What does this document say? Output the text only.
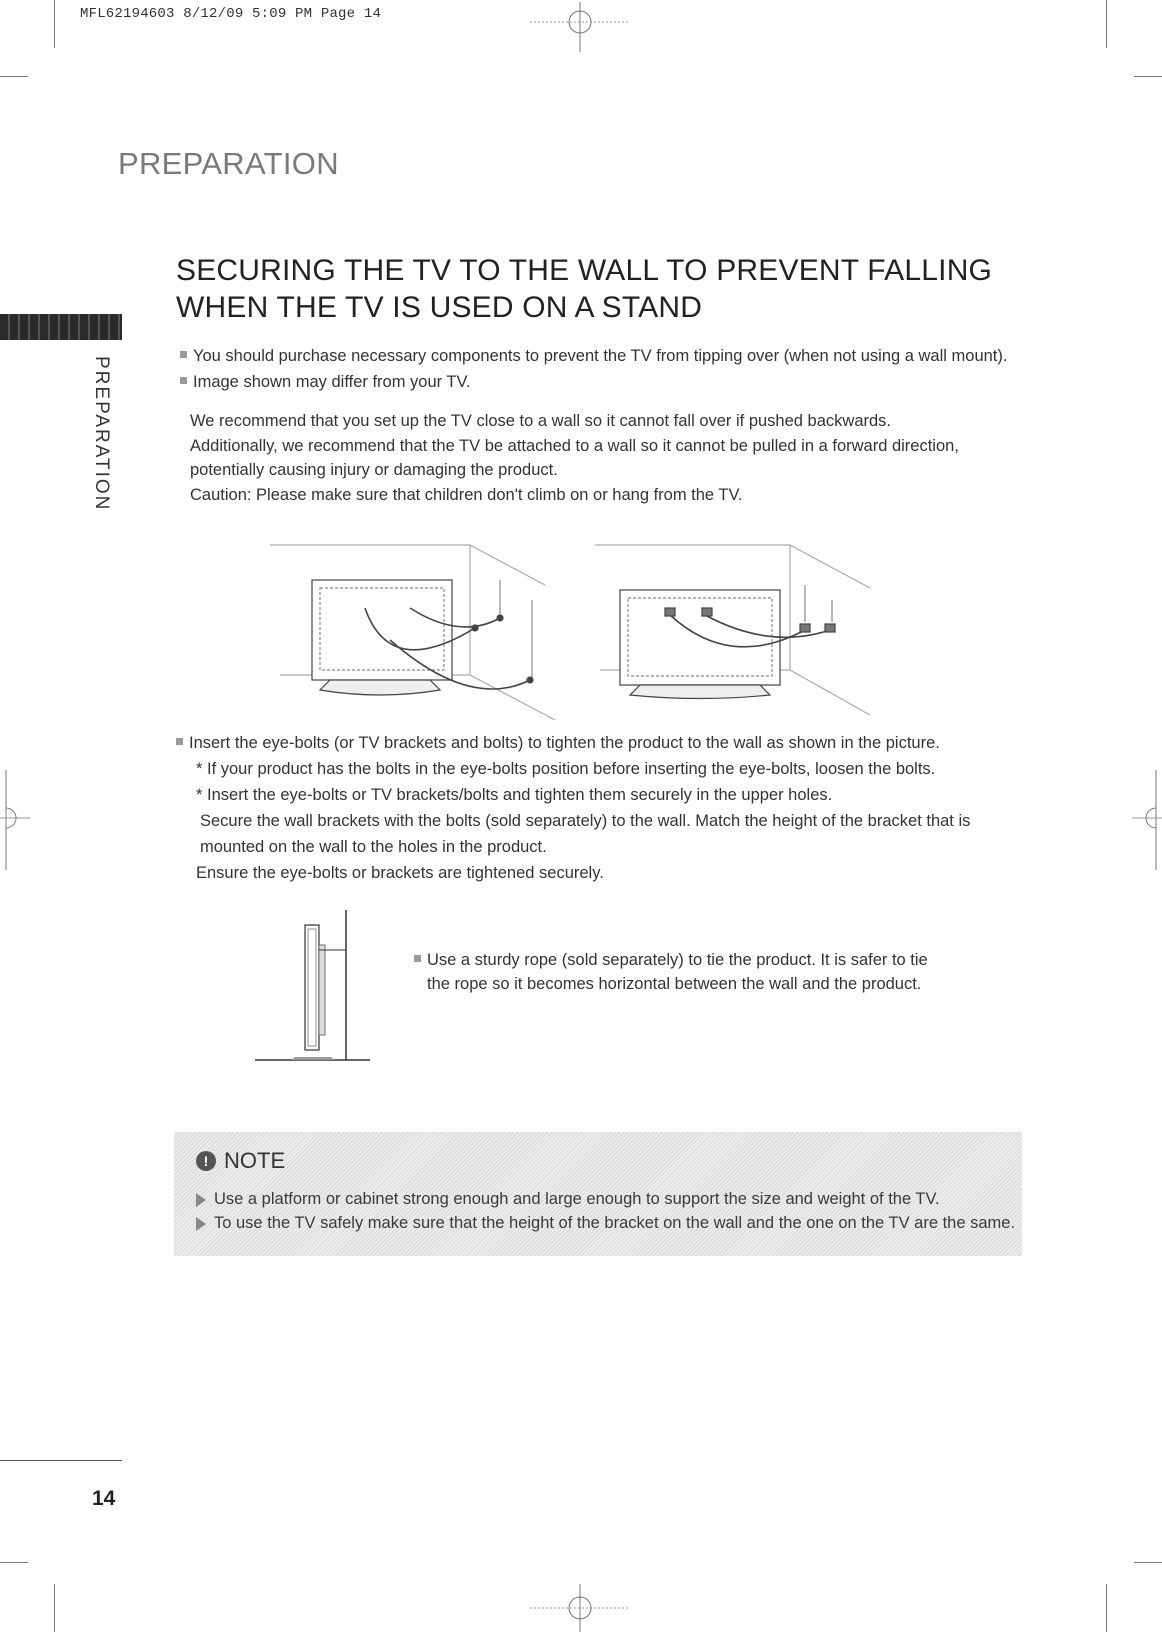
MFL62194603 8/12/09 5:09 PM Page 14
PREPARATION
PREPARATION
SECURING THE TV TO THE WALL TO PREVENT FALLING
WHEN THE TV IS USED ON A STAND
You should purchase necessary components to prevent the TV from tipping over (when not using a wall mount).
Image shown may differ from your TV.
We recommend that you set up the TV close to a wall so it cannot fall over if pushed backwards.
Additionally, we recommend that the TV be attached to a wall so it cannot be pulled in a forward direction,
potentially causing injury or damaging the product.
Caution: Please make sure that children don't climb on or hang from the TV.
Insert the eye-bolts (or TV brackets and bolts) to tighten the product to the wall as shown in the picture.
* If your product has the bolts in the eye-bolts position before inserting the eye-bolts, loosen the bolts.
* Insert the eye-bolts or TV brackets/bolts and tighten them securely in the upper holes.
Secure the wall brackets with the bolts (sold separately) to the wall. Match the height of the bracket that is
mounted on the wall to the holes in the product.
Ensure the eye-bolts or brackets are tightened securely.
Use a sturdy rope (sold separately) to tie the product. It is safer to tie
the rope so it becomes horizontal between the wall and the product.
! NOTE
Use a platform or cabinet strong enough and large enough to support the size and weight of the TV.
To use the TV safely make sure that the height of the bracket on the wall and the one on the TV are the same.
14
